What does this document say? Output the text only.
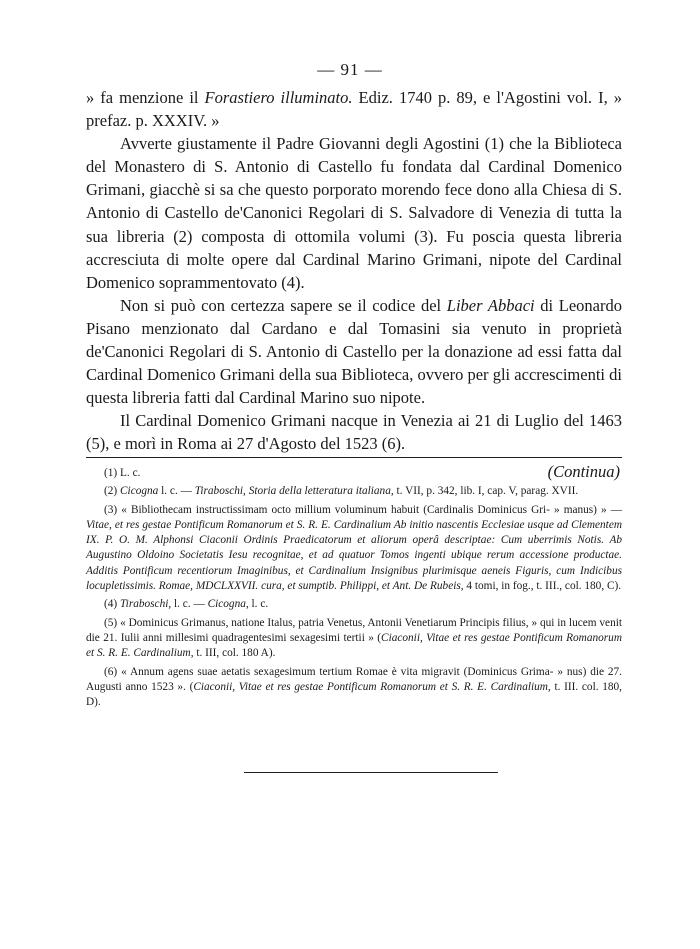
— 91 —

» fa menzione il Forastiero illuminato. Ediz. 1740 p. 89, e l'Agostini vol. I, » prefaz. p. XXXIV. »

Avverte giustamente il Padre Giovanni degli Agostini (1) che la Biblioteca del Monastero di S. Antonio di Castello fu fondata dal Cardinal Domenico Grimani, giacchè si sa che questo porporato morendo fece dono alla Chiesa di S. Antonio di Castello de'Canonici Regolari di S. Salvadore di Venezia di tutta la sua libreria (2) composta di ottomila volumi (3). Fu poscia questa libreria accresciuta di molte opere dal Cardinal Marino Grimani, nipote del Cardinal Domenico soprammentovato (4).

Non si può con certezza sapere se il codice del Liber Abbaci di Leonardo Pisano menzionato dal Cardano e dal Tomasini sia venuto in proprietà de'Canonici Regolari di S. Antonio di Castello per la donazione ad essi fatta dal Cardinal Domenico Grimani della sua Biblioteca, ovvero per gli accrescimenti di questa libreria fatti dal Cardinal Marino suo nipote.

Il Cardinal Domenico Grimani nacque in Venezia ai 21 di Luglio del 1463 (5), e morì in Roma ai 27 d'Agosto del 1523 (6).

(Continua)

(1) L. c.

(2) Cicogna l. c. — Tiraboschi, Storia della letteratura italiana, t. VII, p. 342, lib. I, cap. V, parag. XVII.

(3) « Bibliothecam instructissimam octo millium voluminum habuit (Cardinalis Dominicus Gri- » manus) » — Vitae, et res gestae Pontificum Romanorum et S. R. E. Cardinalium Ab initio nascentis Ecclesiae usque ad Clementem IX. P. O. M. Alphonsi Ciaconii Ordinis Praedicatorum et aliorum operâ descriptae: Cum uberrimis Notis. Ab Augustino Oldoino Societatis Iesu recognitae, et ad quatuor Tomos ingenti ubique rerum accessione productae. Additis Pontificum recentiorum Imaginibus, et Cardinalium Insignibus plurimisque aeneis Figuris, cum Indicibus locupletissimis. Romae, MDCLXXVII. cura, et sumptib. Philippi, et Ant. De Rubeis, 4 tomi, in fog., t. III., col. 180, C).

(4) Tiraboschi, l. c. — Cicogna, l. c.

(5) « Dominicus Grimanus, natione Italus, patria Venetus, Antonii Venetiarum Principis filius, » qui in lucem venit die 21. Iulii anni millesimi quadragentesimi sexagesimi tertii » (Ciaconii, Vitae et res gestae Pontificum Romanorum et S. R. E. Cardinalium, t. III, col. 180 A).

(6) « Annum agens suae aetatis sexagesimum tertium Romae è vita migravit (Dominicus Grima- » nus) die 27. Augusti anno 1523 ». (Ciaconii, Vitae et res gestae Pontificum Romanorum et S. R. E. Cardinalium, t. III. col. 180, D).
